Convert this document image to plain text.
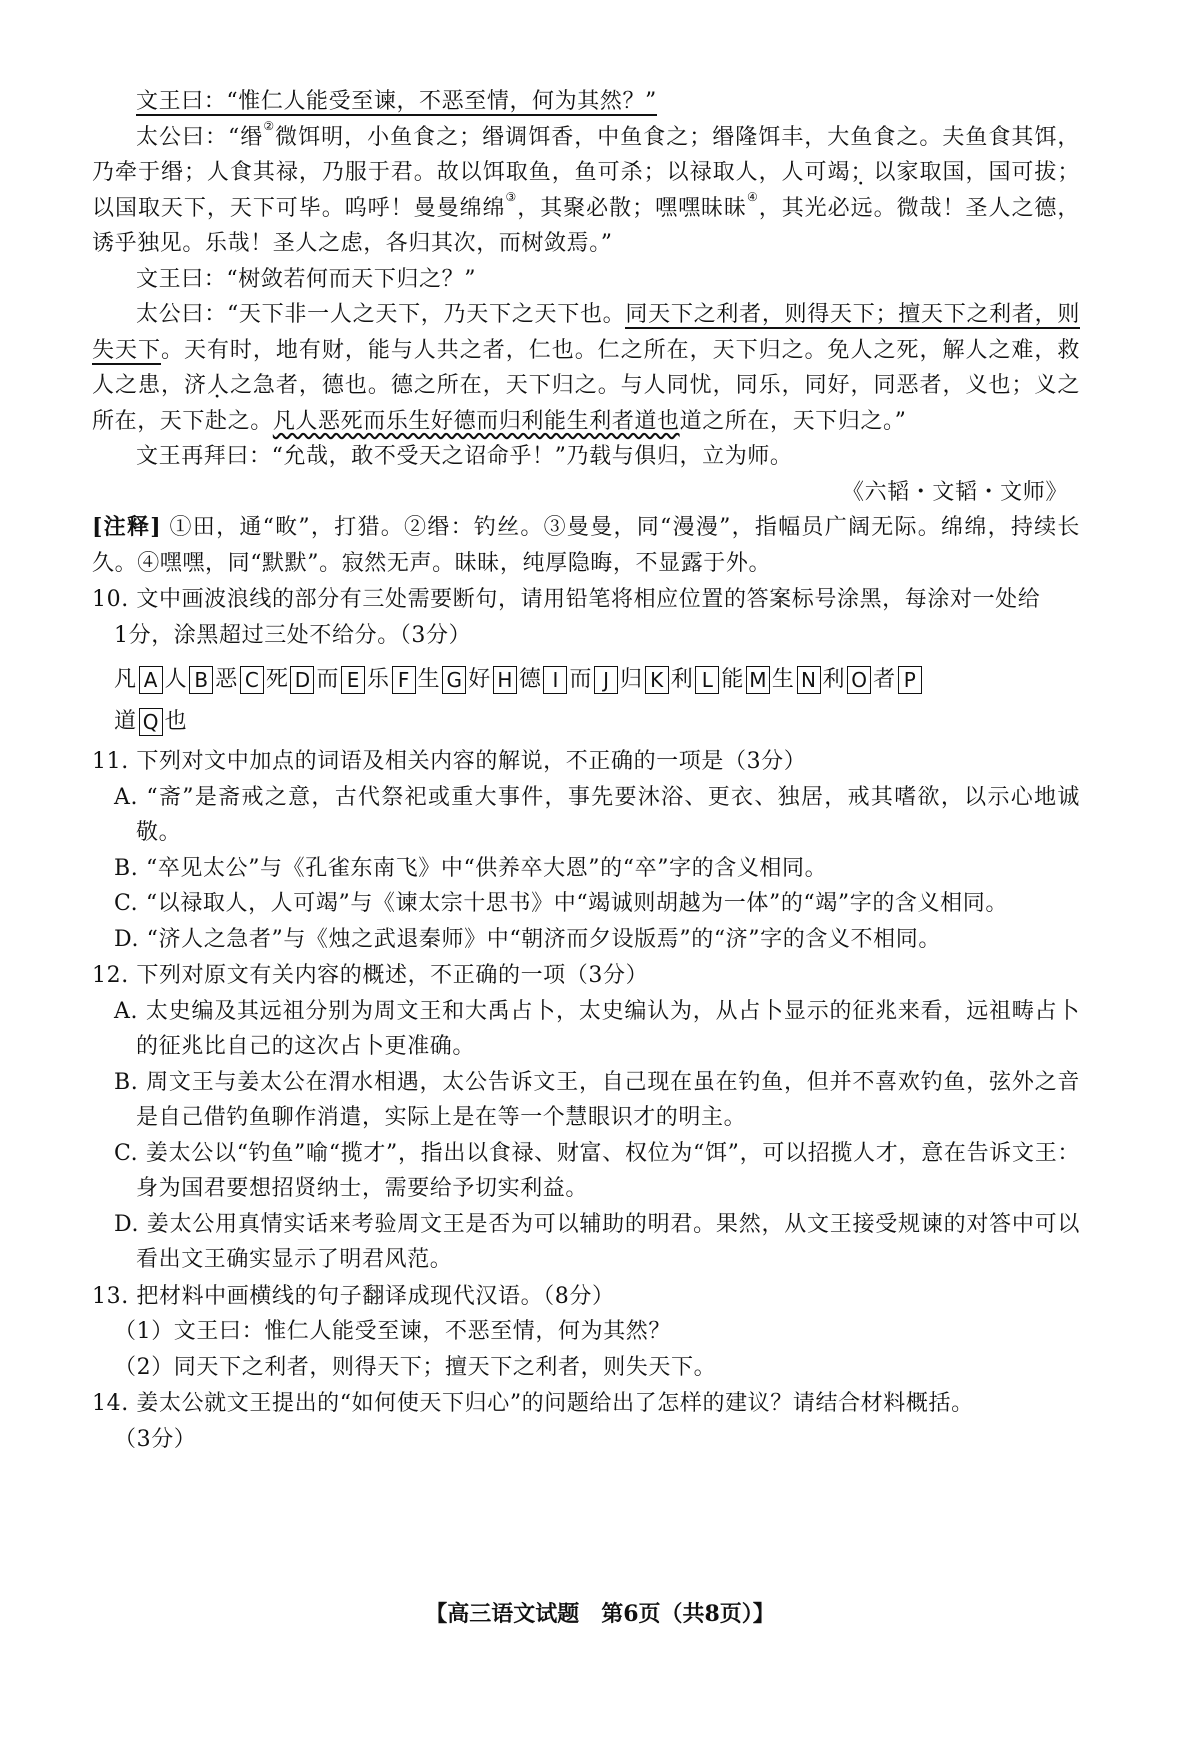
文王曰：“惟仁人能受至谏，不恶至情，何为其然？”

太公曰：“缗②微饵明，小鱼食之；缗调饵香，中鱼食之；缗隆饵丰，大鱼食之。夫鱼食其饵，乃牵于缗；人食其禄，乃服于君。故以饵取鱼，鱼可杀；以禄取人，人可竭；以家取国，国可拔；以国取天下，天下可毕。呜呼！曼曼绵绵③，其聚必散；嘿嘿昧昧④，其光必远。微哉！圣人之德，诱乎独见。乐哉！圣人之虑，各归其次，而树敛焉。”

文王曰：“树敛若何而天下归之？”

太公曰：“天下非一人之天下，乃天下之天下也。同天下之利者，则得天下；擅天下之利者，则失天下。天有时，地有财，能与人共之者，仁也。仁之所在，天下归之。免人之死，解人之难，救人之患，济人之急者，德也。德之所在，天下归之。与人同忧，同乐，同好，同恶者，义也；义之所在，天下赴之。凡人恶死而乐生好德而归利能生利者道也道之所在，天下归之。”

文王再拜曰：“允哉，敢不受天之诏命乎！”乃载与俱归，立为师。

《六韬・文韬・文师》

[注释] ①田，通“畋”，打猎。②缗：钓丝。③曼曼，同“漫漫”，指幅员广阔无际。绵绵，持续长久。④嘿嘿，同“默默”。寂然无声。昧昧，纯厚隐晦，不显露于外。

10. 文中画波浪线的部分有三处需要断句，请用铅笔将相应位置的答案标号涂黑，每涂对一处给

1分，涂黑超过三处不给分。（3分）

凡 A 人 B 恶 C 死 D 而 E 乐 F 生 G 好 H 德 I 而 J 归 K 利 L 能 M 生 N 利 O 者 P
道 Q 也

11. 下列对文中加点的词语及相关内容的解说，不正确的一项是（3分）

A. “斋”是斋戒之意，古代祭祀或重大事件，事先要沐浴、更衣、独居，戒其嗜欲，以示心地诚敬。

B. “卒见太公”与《孔雀东南飞》中“供养卒大恩”的“卒”字的含义相同。

C. “以禄取人，人可竭”与《谏太宗十思书》中“竭诚则胡越为一体”的“竭”字的含义相同。

D. “济人之急者”与《烛之武退秦师》中“朝济而夕设版焉”的“济”字的含义不相同。

12. 下列对原文有关内容的概述，不正确的一项（3分）

A. 太史编及其远祖分别为周文王和大禹占卜，太史编认为，从占卜显示的征兆来看，远祖畴占卜的征兆比自己的这次占卜更准确。

B. 周文王与姜太公在渭水相遇，太公告诉文王，自己现在虽在钓鱼，但并不喜欢钓鱼，弦外之音是自己借钓鱼聊作消遣，实际上是在等一个慧眼识才的明主。

C. 姜太公以“钓鱼”喻“揽才”，指出以食禄、财富、权位为“饵”，可以招揽人才，意在告诉文王：身为国君要想招贤纳士，需要给予切实利益。

D. 姜太公用真情实话来考验周文王是否为可以辅助的明君。果然，从文王接受规谏的对答中可以看出文王确实显示了明君风范。

13. 把材料中画横线的句子翻译成现代汉语。（8分）

（1）文王曰：惟仁人能受至谏，不恶至情，何为其然？

（2）同天下之利者，则得天下；擅天下之利者，则失天下。

14. 姜太公就文王提出的“如何使天下归心”的问题给出了怎样的建议？请结合材料概括。

（3分）

【高三语文试题　第6页（共8页）】
